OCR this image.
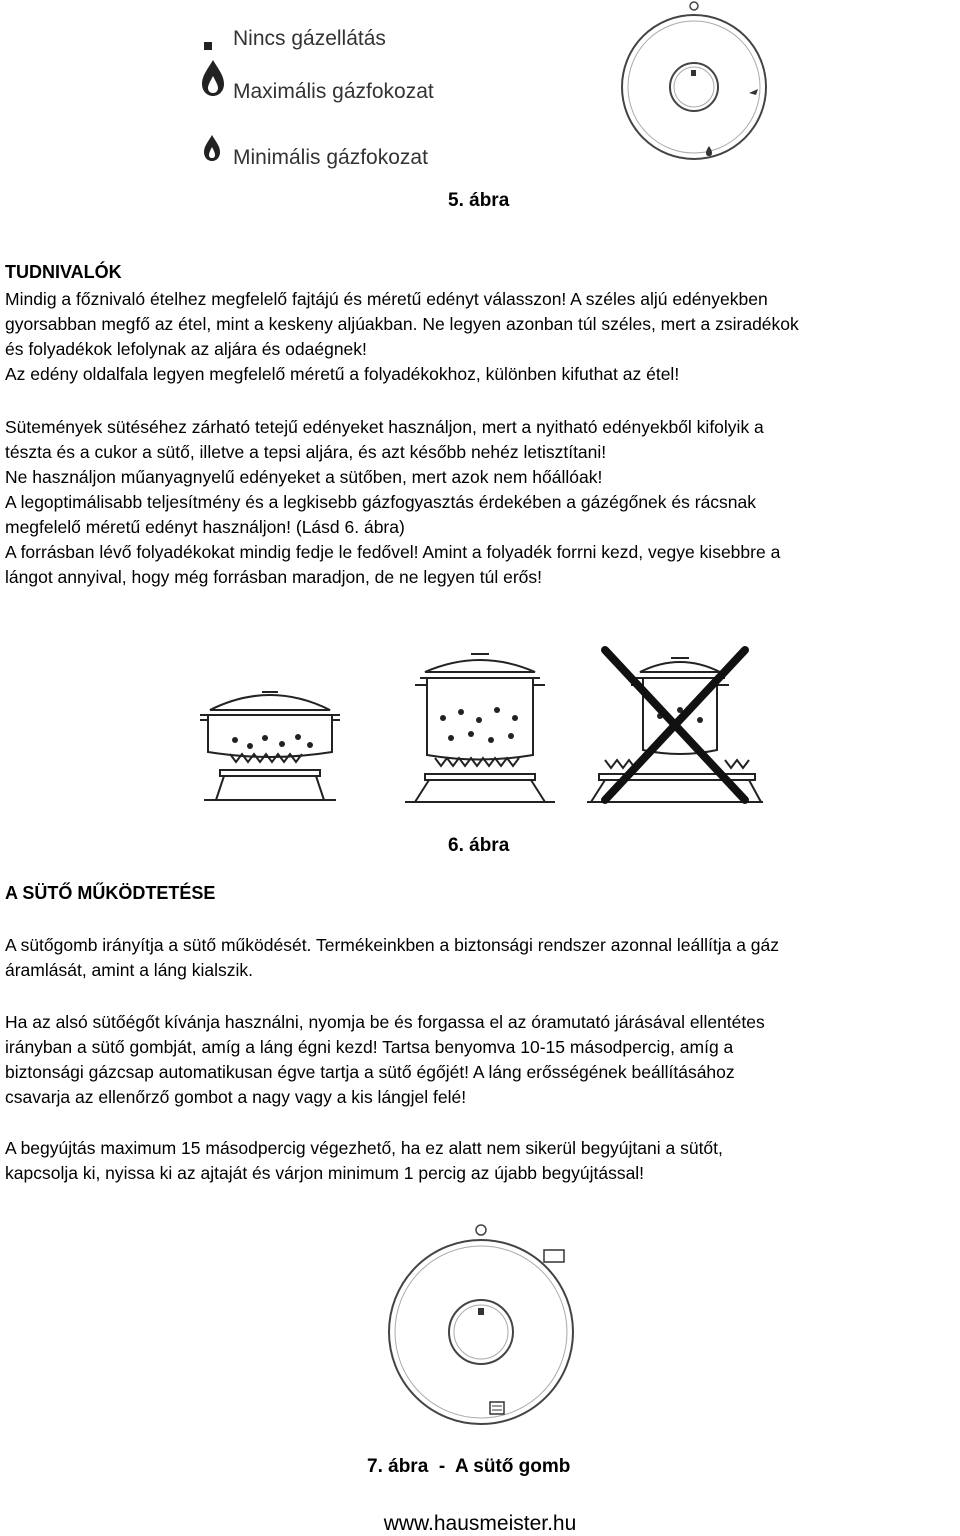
Nincs gázellátás
Maximális gázfokozat
Minimális gázfokozat
5. ábra
TUDNIVALÓK
Mindig a főznivaló ételhez megfelelő fajtájú és méretű edényt válasszon! A széles aljú edényekben
gyorsabban megfő az étel, mint a keskeny aljúakban. Ne legyen azonban túl széles, mert a zsiradékok
és folyadékok lefolynak az aljára és odaégnek!
Az edény oldalfala legyen megfelelő méretű a folyadékokhoz, különben kifuthat az étel!
Sütemények sütéséhez zárható tetejű edényeket használjon, mert a nyitható edényekből kifolyik a
tészta és a cukor a sütő, illetve a tepsi aljára, és azt később nehéz letisztítani!
Ne használjon műanyagnyelű edényeket a sütőben, mert azok nem hőállóak!
A legoptimálisabb teljesítmény és a legkisebb gázfogyasztás érdekében a gázégőnek és rácsnak
megfelelő méretű edényt használjon! (Lásd 6. ábra)
A forrásban lévő folyadékokat mindig fedje le fedővel! Amint a folyadék forrni kezd, vegye kisebbre a
lángot annyival, hogy még forrásban maradjon, de ne legyen túl erős!
6. ábra
A SÜTŐ MŰKÖDTETÉSE
A sütőgomb irányítja a sütő működését. Termékeinkben a biztonsági rendszer azonnal leállítja a gáz
áramlását, amint a láng kialszik.
Ha az alsó sütőégőt kívánja használni, nyomja be és forgassa el az óramutató járásával ellentétes
irányban a sütő gombját, amíg a láng égni kezd! Tartsa benyomva 10-15 másodpercig, amíg a
biztonsági gázcsap automatikusan égve tartja a sütő égőjét! A láng erősségének beállításához
csavarja az ellenőrző gombot a nagy vagy a kis lángjel felé!
A begyújtás maximum 15 másodpercig végezhető, ha ez alatt nem sikerül begyújtani a sütőt,
kapcsolja ki, nyissa ki az ajtaját és várjon minimum 1 percig az újabb begyújtással!
7. ábra  -  A sütő gomb
www.hausmeister.hu
